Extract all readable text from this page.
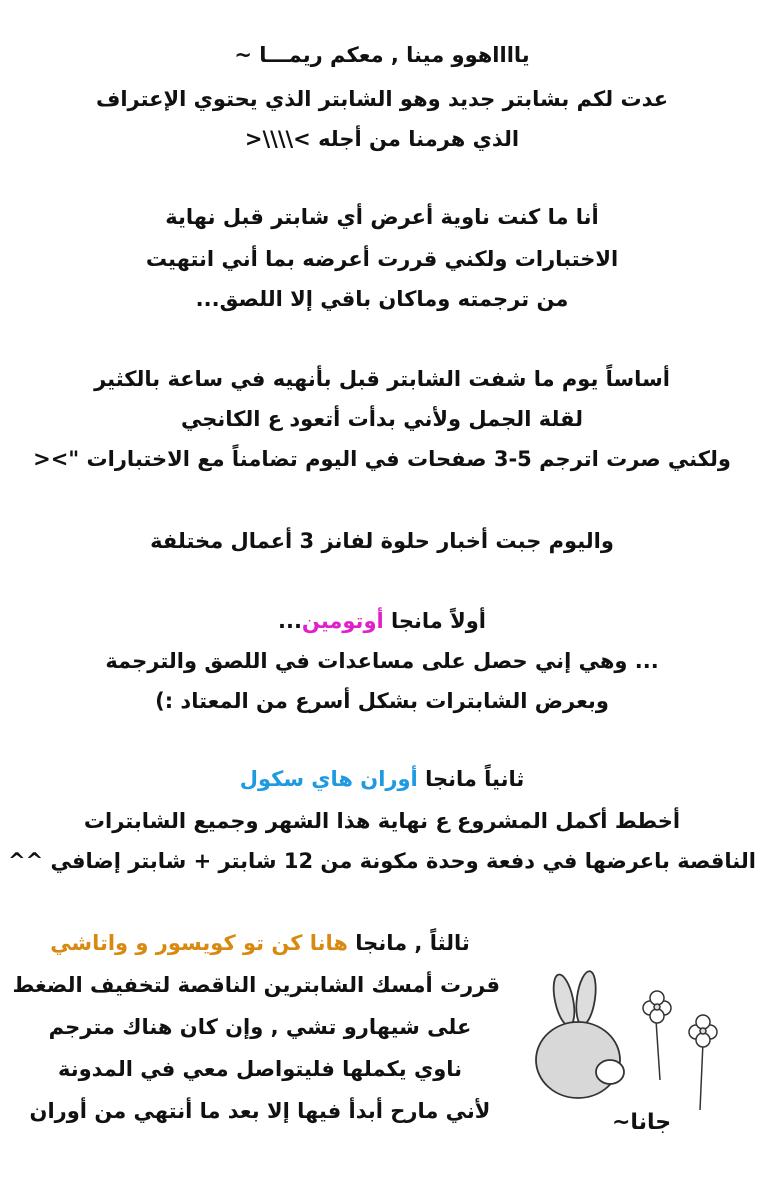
يااااهوو مينا , معكم ريمـــا ~
عدت لكم بشابتر جديد وهو الشابتر الذي يحتوي الإعتراف
الذي هرمنا من أجله >\\\\<
أنا ما كنت ناوية أعرض أي شابتر قبل نهاية
الاختبارات ولكني قررت أعرضه بما أني انتهيت
من ترجمته وماكان باقي إلا اللصق...
أساساً يوم ما شفت الشابتر قبل بأنهيه في ساعة بالكثير
لقلة الجمل ولأني بدأت أتعود ع الكانجي
ولكني صرت اترجم 5-3 صفحات في اليوم تضامناً مع الاختبارات "><
واليوم جبت أخبار حلوة لفانز 3 أعمال مختلفة
أولاً مانجا أوتومين...
... وهي إني حصل على مساعدات في اللصق والترجمة
وبعرض الشابترات بشكل أسرع من المعتاد :)
ثانياً مانجا أوران هاي سكول
أخطط أكمل المشروع ع نهاية هذا الشهر وجميع الشابترات
الناقصة باعرضها في دفعة وحدة مكونة من 12 شابتر + شابتر إضافي ^^
ثالثاً , مانجا هانا كن تو كويسور و واتاشي
قررت أمسك الشابترين الناقصة لتخفيف الضغط
على شيهارو تشي , وإن كان هناك مترجم
ناوي يكملها فليتواصل معي في المدونة
لأني مارح أبدأ فيها إلا بعد ما أنتهي من أوران	جانا~
